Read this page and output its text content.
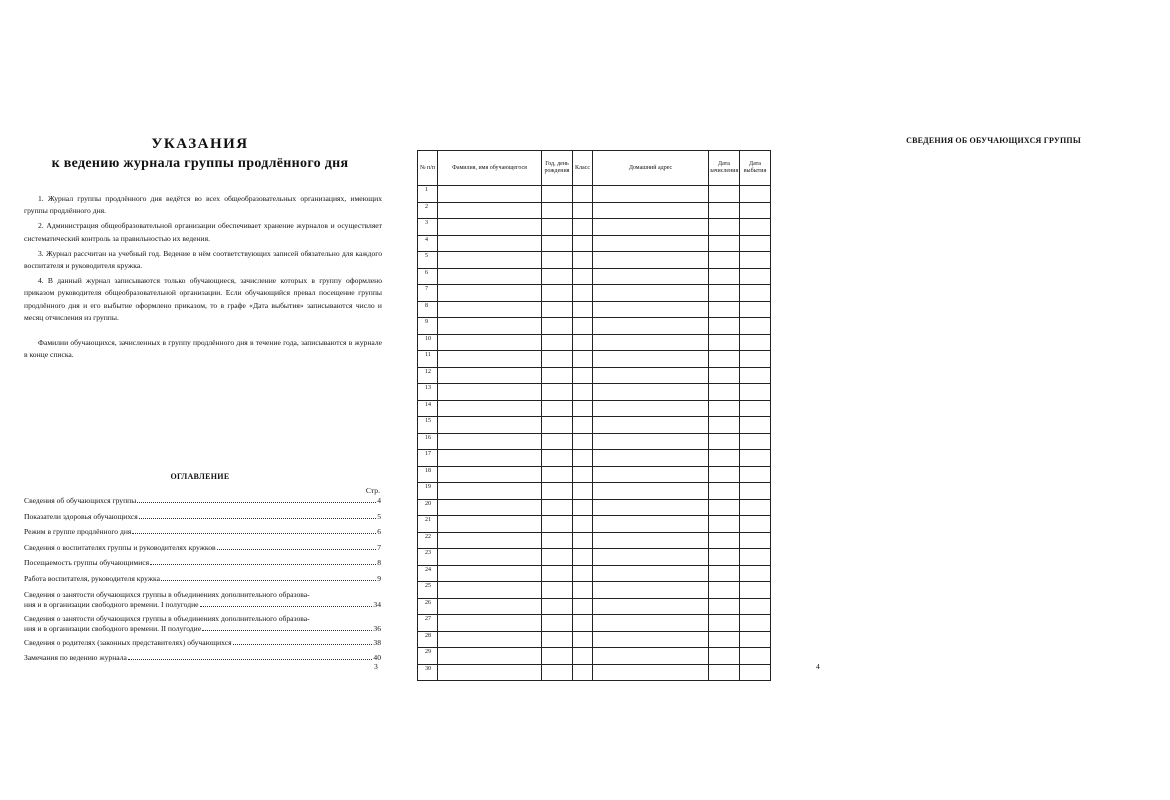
УКАЗАНИЯ
к ведению журнала группы продлённого дня

1. Журнал группы продлённого дня ведётся во всех общеобразовательных организациях, имеющих группы продлённого дня.

2. Администрация общеобразовательной организации обеспечивает хранение журналов и осуществляет систематический контроль за правильностью их ведения.

3. Журнал рассчитан на учебный год. Ведение в нём соответствующих записей обязательно для каждого воспитателя и руководителя кружка.

4. В данный журнал записываются только обучающиеся, зачисление которых в группу оформлено приказом руководителя общеобразовательной организации. Если обучающийся превал посещение группы продлённого дня и его выбытие оформлено приказом, то в графе «Дата выбытия» записываются число и месяц отчисления из группы.

Фамилии обучающихся, зачисленных в группу продлённого дня в течение года, записываются в журнале в конце списка.

ОГЛАВЛЕНИЕ
Стр.
Сведения об обучающихся группы	4
Показатели здоровья обучающихся	5
Режим в группе продлённого дня	6
Сведения о воспитателях группы и руководителях кружков	7
Посещаемость группы обучающимися	8
Работа воспитателя, руководителя кружка	9
Сведения о занятости обучающихся группы в объединениях дополнительного образова-
ния и в организации свободного времени. I полугодие	34
Сведения о занятости обучающихся группы в объединениях дополнительного образова-
ния и в организации свободного времени. II полугодие	36
Сведения о родителях (законных представителях) обучающихся	38
Замечания по ведению журнала	40
3
СВЕДЕНИЯ ОБ ОБУЧАЮЩИХСЯ ГРУППЫ
4
№ п/п	Фамилия, имя обучающегося	Год, день рождения	Класс	Домашний адрес	Дата зачисления	Дата выбытия
1						
2						
3						
4						
5						
6						
7						
8						
9						
10						
11						
12						
13						
14						
15						
16						
17						
18						
19						
20						
21						
22						
23						
24						
25						
26						
27						
28						
29						
30						
